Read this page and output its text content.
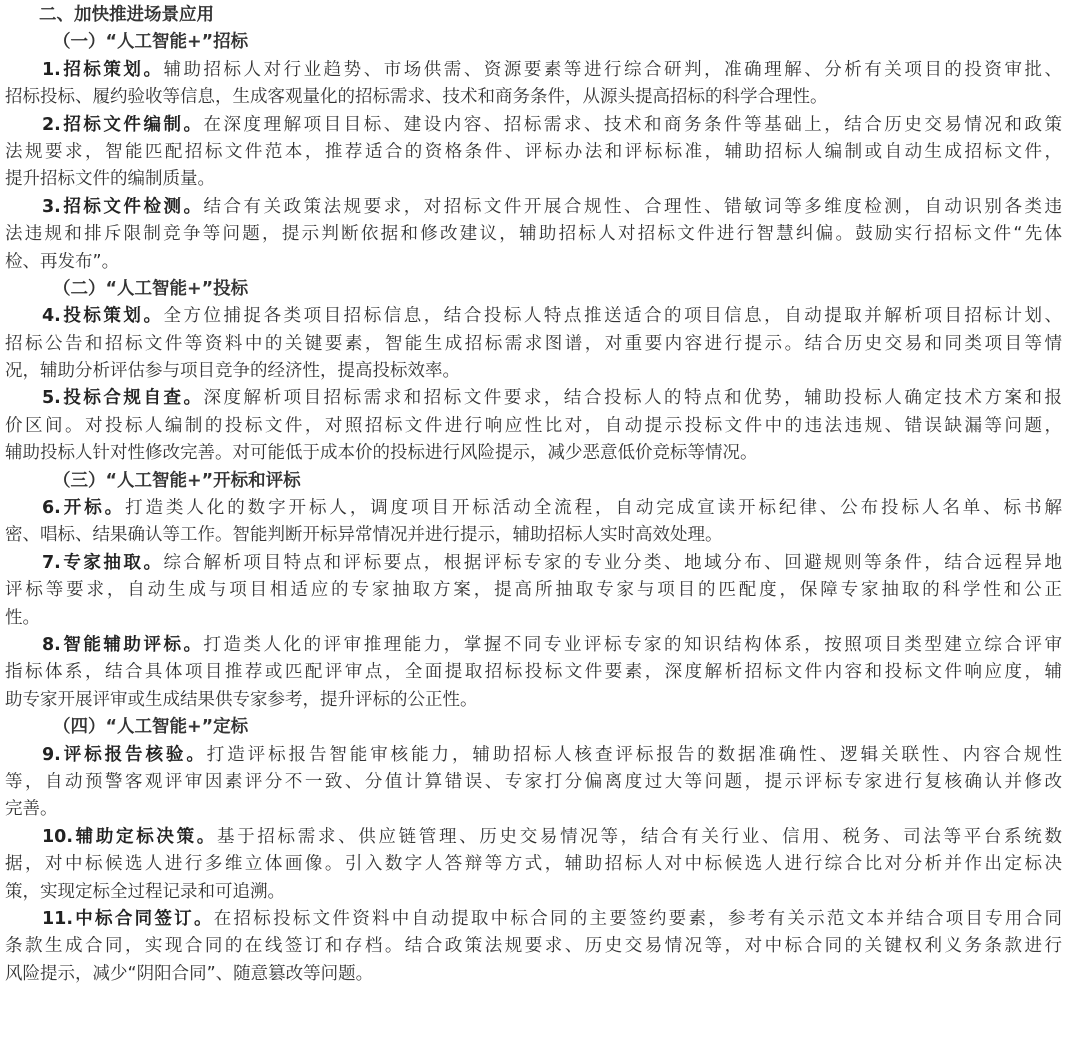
二、加快推进场景应用
（一）“人工智能+”招标
1.招标策划。辅助招标人对行业趋势、市场供需、资源要素等进行综合研判，准确理解、分析有关项目的投资审批、
招标投标、履约验收等信息，生成客观量化的招标需求、技术和商务条件，从源头提高招标的科学合理性。
2.招标文件编制。在深度理解项目目标、建设内容、招标需求、技术和商务条件等基础上，结合历史交易情况和政策
法规要求，智能匹配招标文件范本，推荐适合的资格条件、评标办法和评标标准，辅助招标人编制或自动生成招标文件，
提升招标文件的编制质量。
3.招标文件检测。结合有关政策法规要求，对招标文件开展合规性、合理性、错敏词等多维度检测，自动识别各类违
法违规和排斥限制竞争等问题，提示判断依据和修改建议，辅助招标人对招标文件进行智慧纠偏。鼓励实行招标文件“先体
检、再发布”。
（二）“人工智能+”投标
4.投标策划。全方位捕捉各类项目招标信息，结合投标人特点推送适合的项目信息，自动提取并解析项目招标计划、
招标公告和招标文件等资料中的关键要素，智能生成招标需求图谱，对重要内容进行提示。结合历史交易和同类项目等情
况，辅助分析评估参与项目竞争的经济性，提高投标效率。
5.投标合规自查。深度解析项目招标需求和招标文件要求，结合投标人的特点和优势，辅助投标人确定技术方案和报
价区间。对投标人编制的投标文件，对照招标文件进行响应性比对，自动提示投标文件中的违法违规、错误缺漏等问题，
辅助投标人针对性修改完善。对可能低于成本价的投标进行风险提示，减少恶意低价竞标等情况。
（三）“人工智能+”开标和评标
6.开标。打造类人化的数字开标人，调度项目开标活动全流程，自动完成宣读开标纪律、公布投标人名单、标书解
密、唱标、结果确认等工作。智能判断开标异常情况并进行提示，辅助招标人实时高效处理。
7.专家抽取。综合解析项目特点和评标要点，根据评标专家的专业分类、地域分布、回避规则等条件，结合远程异地
评标等要求，自动生成与项目相适应的专家抽取方案，提高所抽取专家与项目的匹配度，保障专家抽取的科学性和公正
性。
8.智能辅助评标。打造类人化的评审推理能力，掌握不同专业评标专家的知识结构体系，按照项目类型建立综合评审
指标体系，结合具体项目推荐或匹配评审点，全面提取招标投标文件要素，深度解析招标文件内容和投标文件响应度，辅
助专家开展评审或生成结果供专家参考，提升评标的公正性。
（四）“人工智能+”定标
9.评标报告核验。打造评标报告智能审核能力，辅助招标人核查评标报告的数据准确性、逻辑关联性、内容合规性
等，自动预警客观评审因素评分不一致、分值计算错误、专家打分偏离度过大等问题，提示评标专家进行复核确认并修改
完善。
10.辅助定标决策。基于招标需求、供应链管理、历史交易情况等，结合有关行业、信用、税务、司法等平台系统数
据，对中标候选人进行多维立体画像。引入数字人答辩等方式，辅助招标人对中标候选人进行综合比对分析并作出定标决
策，实现定标全过程记录和可追溯。
11.中标合同签订。在招标投标文件资料中自动提取中标合同的主要签约要素，参考有关示范文本并结合项目专用合同
条款生成合同，实现合同的在线签订和存档。结合政策法规要求、历史交易情况等，对中标合同的关键权利义务条款进行
风险提示，减少“阴阳合同”、随意篡改等问题。
